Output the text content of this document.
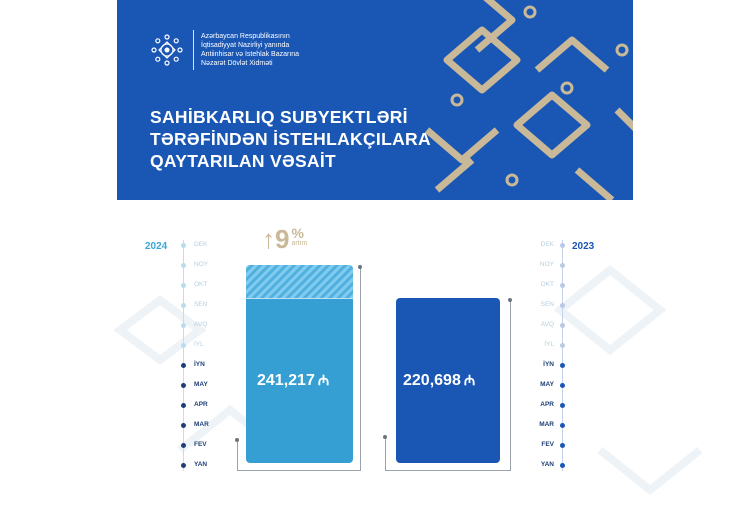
Azərbaycan Respublikasının
İqtisadiyyat Nazirliyi yanında
Antiinhisar və İstehlak Bazarına
Nəzarət Dövlət Xidməti
SAHİBKARLIQ SUBYEKTLƏRİ
TƏRƏFİNDƏN İSTEHLAKÇILARA
QAYTARILAN VƏSAİT
2024	2023
↑9 %
artım
241,217 ₼	220,698 ₼
DEK
NOY
OKT
SEN
AVQ
İYL
İYN
MAY
APR
MAR
FEV
YAN
DEK
NOY
OKT
SEN
AVQ
İYL
İYN
MAY
APR
MAR
FEV
YAN
